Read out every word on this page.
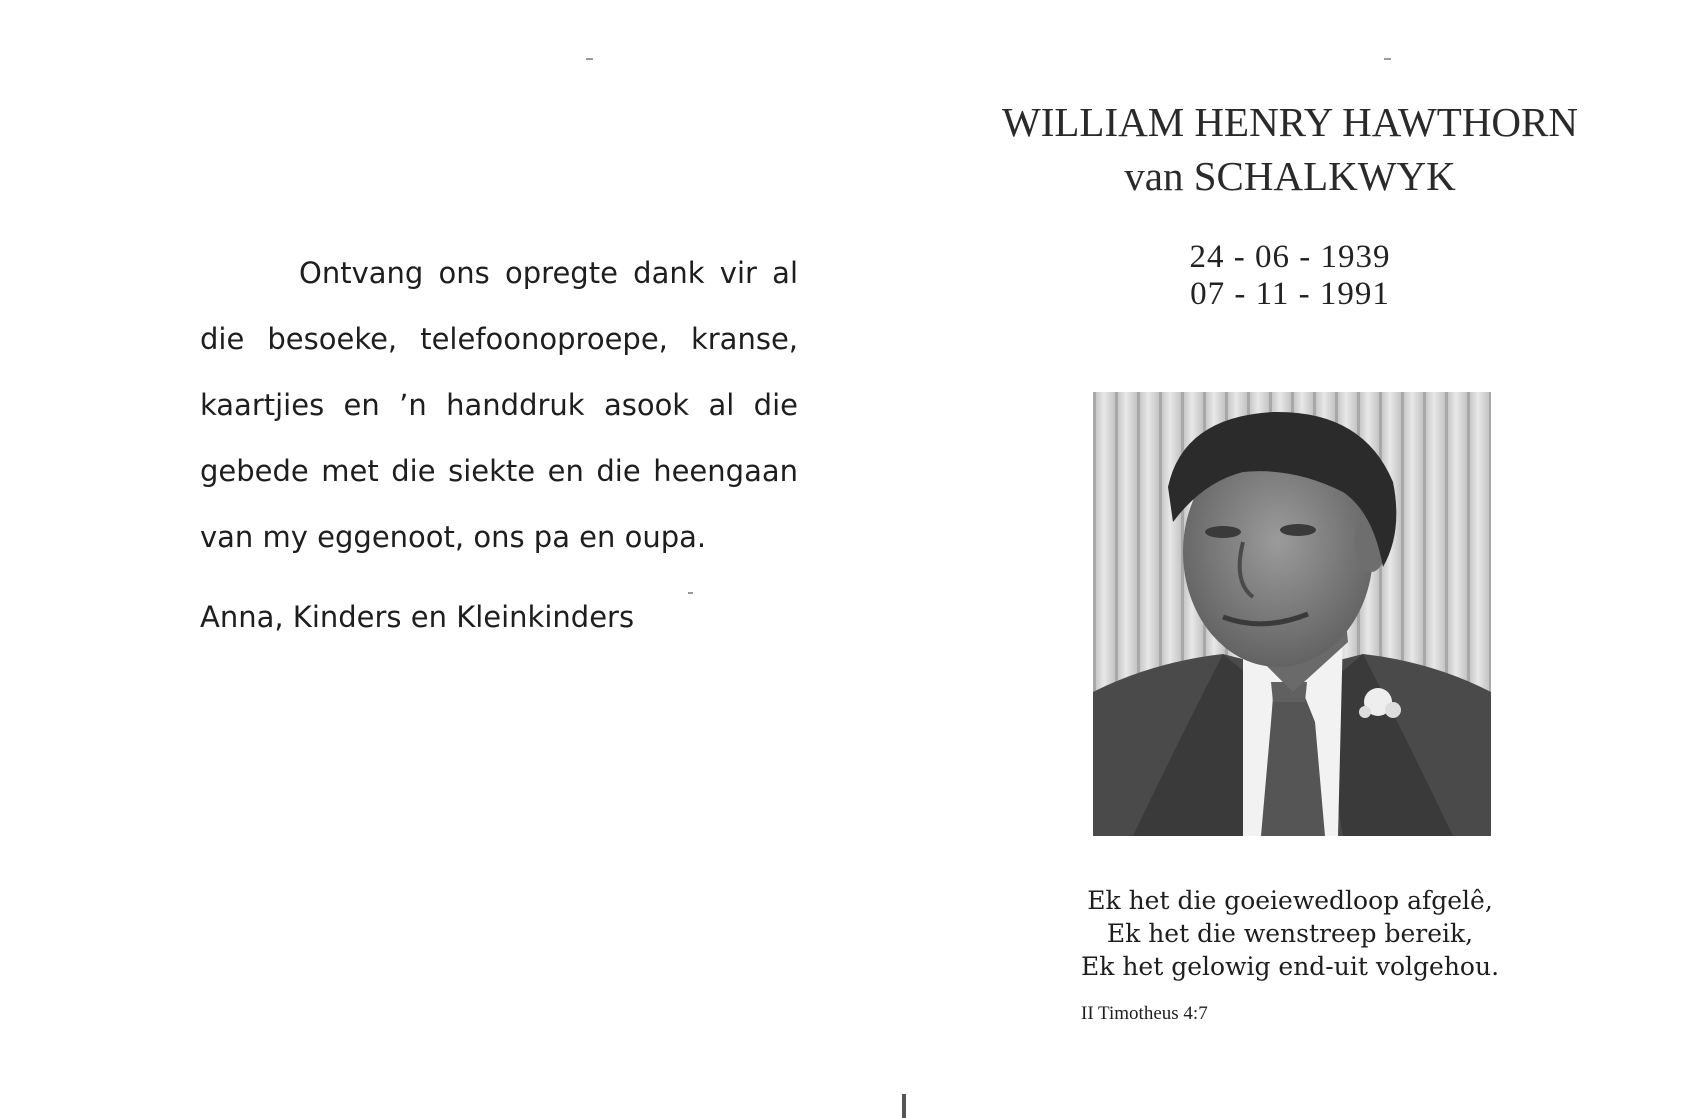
Ontvang ons opregte dank vir al die besoeke, telefoonoproepe, kranse, kaartjies en ’n handdruk asook al die gebede met die siekte en die heengaan van my eggenoot, ons pa en oupa.

Anna, Kinders en Kleinkinders

WILLIAM HENRY HAWTHORN

van SCHALKWYK

24 - 06 - 1939

07 - 11 - 1991

Ek het die goeiewedloop afgelê,

Ek het die wenstreep bereik,

Ek het gelowig end-uit volgehou.

II Timotheus 4:7
